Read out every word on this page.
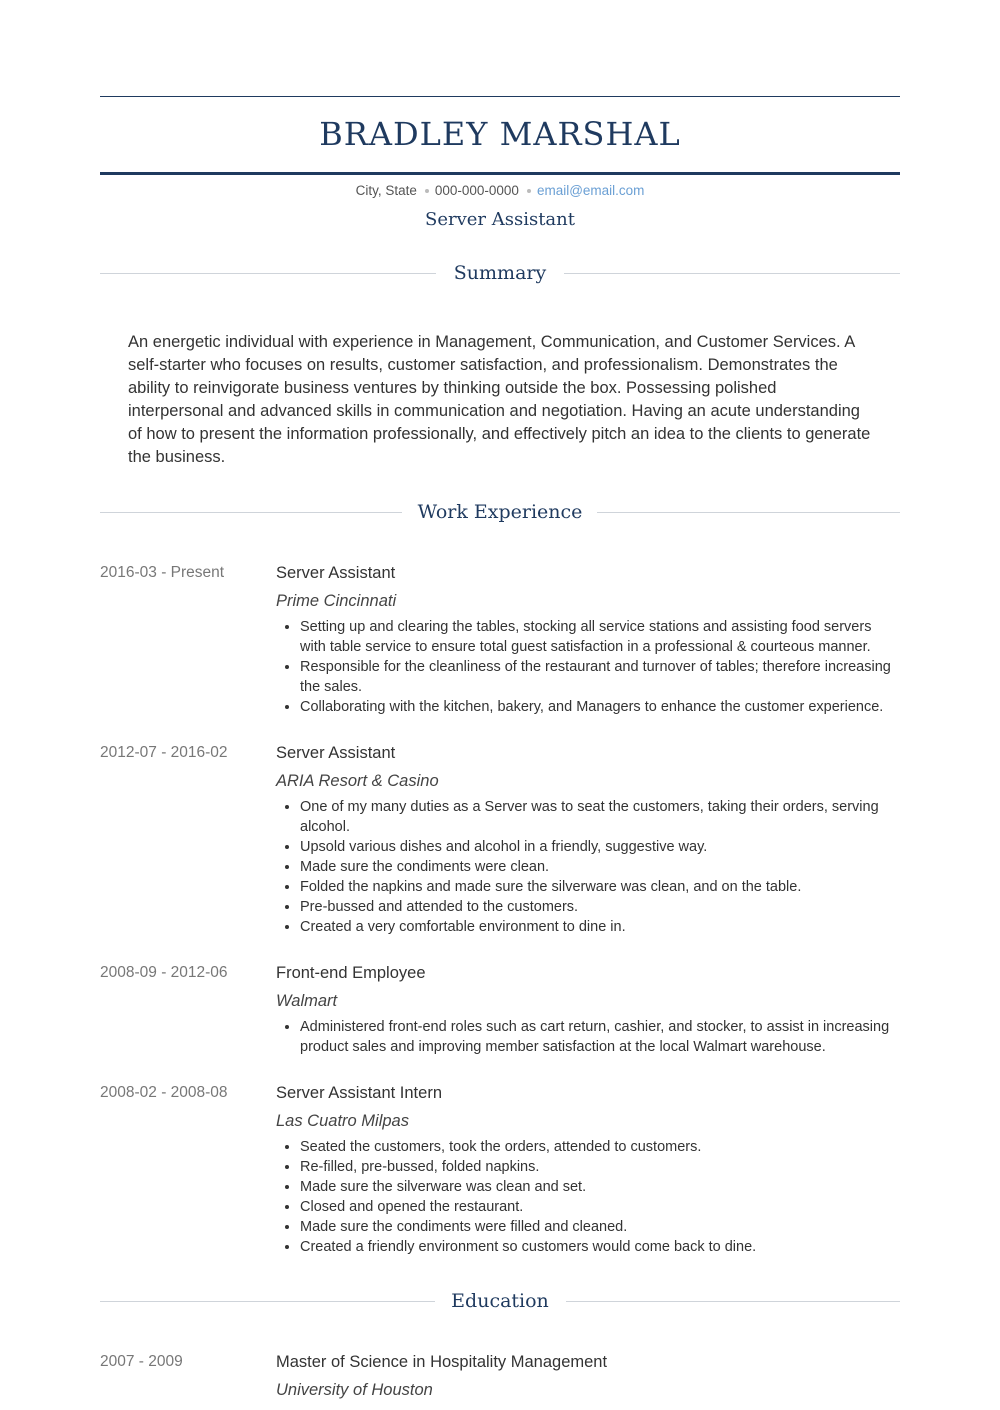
BRADLEY MARSHAL
City, State 000-000-0000 email@email.com
Server Assistant
Summary
An energetic individual with experience in Management, Communication, and Customer Services. A self-starter who focuses on results, customer satisfaction, and professionalism. Demonstrates the ability to reinvigorate business ventures by thinking outside the box. Possessing polished interpersonal and advanced skills in communication and negotiation. Having an acute understanding of how to present the information professionally, and effectively pitch an idea to the clients to generate the business.
Work Experience
2016-03 - Present	Server Assistant
Prime Cincinnati
• Setting up and clearing the tables, stocking all service stations and assisting food servers with table service to ensure total guest satisfaction in a professional & courteous manner.
• Responsible for the cleanliness of the restaurant and turnover of tables; therefore increasing the sales.
• Collaborating with the kitchen, bakery, and Managers to enhance the customer experience.
2012-07 - 2016-02	Server Assistant
ARIA Resort & Casino
• One of my many duties as a Server was to seat the customers, taking their orders, serving alcohol.
• Upsold various dishes and alcohol in a friendly, suggestive way.
• Made sure the condiments were clean.
• Folded the napkins and made sure the silverware was clean, and on the table.
• Pre-bussed and attended to the customers.
• Created a very comfortable environment to dine in.
2008-09 - 2012-06	Front-end Employee
Walmart
• Administered front-end roles such as cart return, cashier, and stocker, to assist in increasing product sales and improving member satisfaction at the local Walmart warehouse.
2008-02 - 2008-08	Server Assistant Intern
Las Cuatro Milpas
• Seated the customers, took the orders, attended to customers.
• Re-filled, pre-bussed, folded napkins.
• Made sure the silverware was clean and set.
• Closed and opened the restaurant.
• Made sure the condiments were filled and cleaned.
• Created a friendly environment so customers would come back to dine.
Education
2007 - 2009	Master of Science in Hospitality Management
University of Houston
